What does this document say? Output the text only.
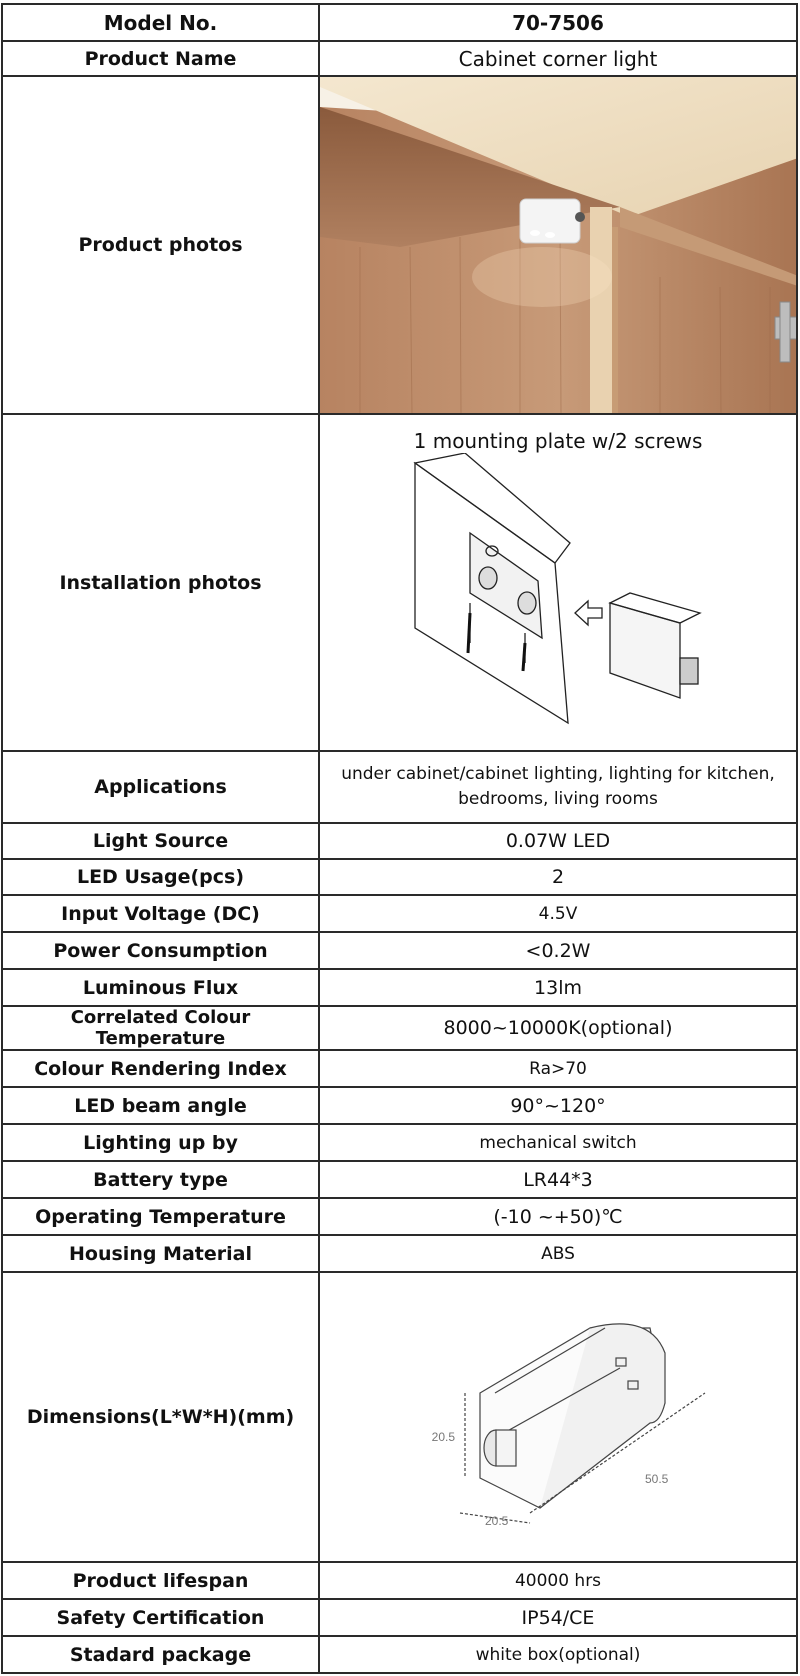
Model No.	70-7506
Product Name	Cabinet corner light
Product photos	

Installation photos	1 mounting plate w/2 screws

Applications	under cabinet/cabinet lighting, lighting for kitchen, bedrooms, living rooms
Light Source	0.07W LED
LED Usage(pcs)	2
Input Voltage (DC)	4.5V
Power Consumption	<0.2W
Luminous Flux	13lm
Correlated Colour Temperature	8000~10000K(optional)
Colour Rendering Index	Ra>70
LED beam angle	90°~120°
Lighting up by	mechanical switch
Battery type	LR44*3
Operating Temperature	(-10 ~+50)℃
Housing Material	ABS
Dimensions(L*W*H)(mm)	20.5
20.5
50.5

Product lifespan	40000 hrs
Safety Certification	IP54/CE
Stadard package	white box(optional)
